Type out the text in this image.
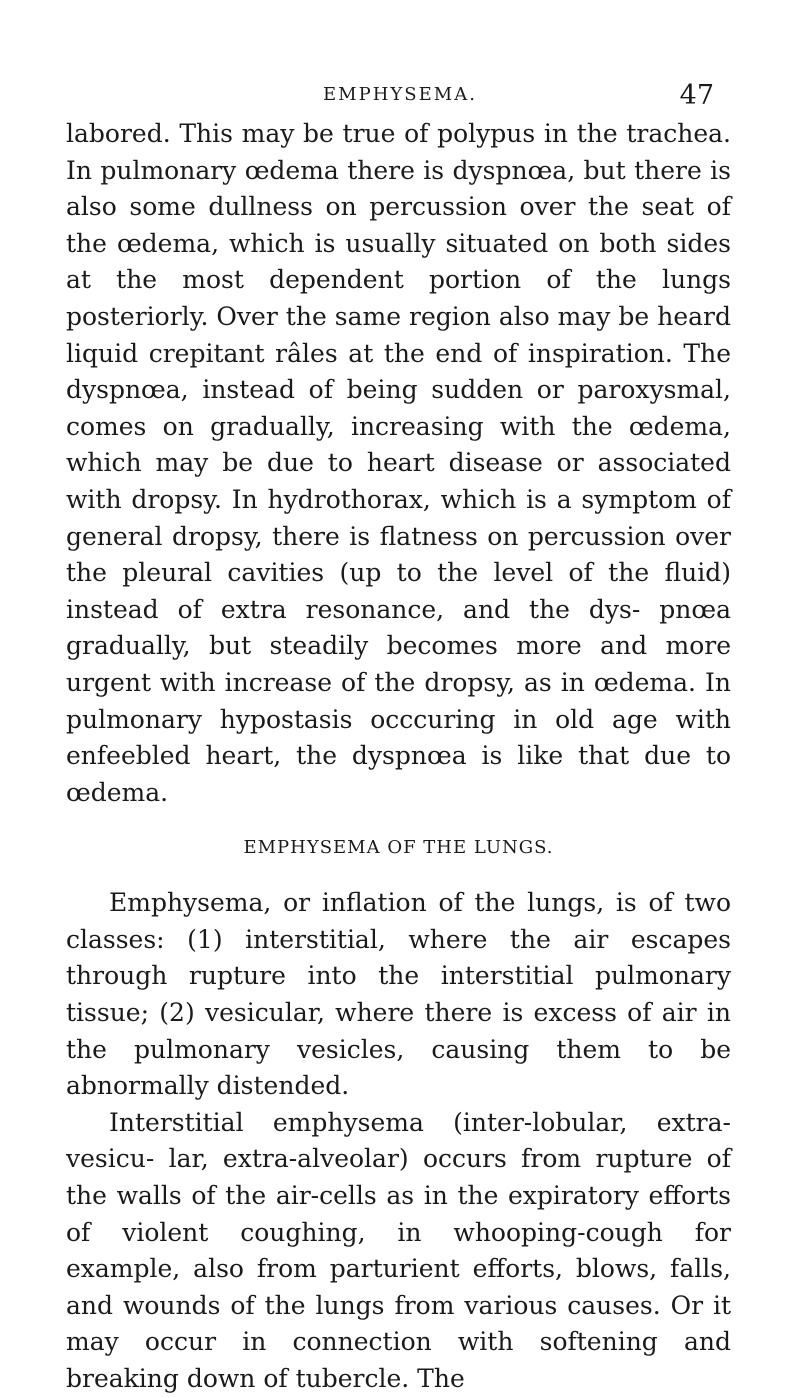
EMPHYSEMA.	47

labored. This may be true of polypus in the trachea. In pulmonary œdema there is dyspnœa, but there is also some dullness on percussion over the seat of the œdema, which is usually situated on both sides at the most dependent portion of the lungs posteriorly. Over the same region also may be heard liquid crepitant râles at the end of inspiration. The dyspnœa, instead of being sudden or paroxysmal, comes on gradually, increasing with the œdema, which may be due to heart disease or associated with dropsy. In hydrothorax, which is a symptom of general dropsy, there is flatness on percussion over the pleural cavities (up to the level of the fluid) instead of extra resonance, and the dys- pnœa gradually, but steadily becomes more and more urgent with increase of the dropsy, as in œdema. In pulmonary hypostasis occcuring in old age with enfeebled heart, the dyspnœa is like that due to œdema.

EMPHYSEMA OF THE LUNGS.

Emphysema, or inflation of the lungs, is of two classes: (1) interstitial, where the air escapes through rupture into the interstitial pulmonary tissue; (2) vesicular, where there is excess of air in the pulmonary vesicles, causing them to be abnormally distended.

Interstitial emphysema (inter-lobular, extra-vesicu- lar, extra-alveolar) occurs from rupture of the walls of the air-cells as in the expiratory efforts of violent coughing, in whooping-cough for example, also from parturient efforts, blows, falls, and wounds of the lungs from various causes. Or it may occur in connection with softening and breaking down of tubercle. The
